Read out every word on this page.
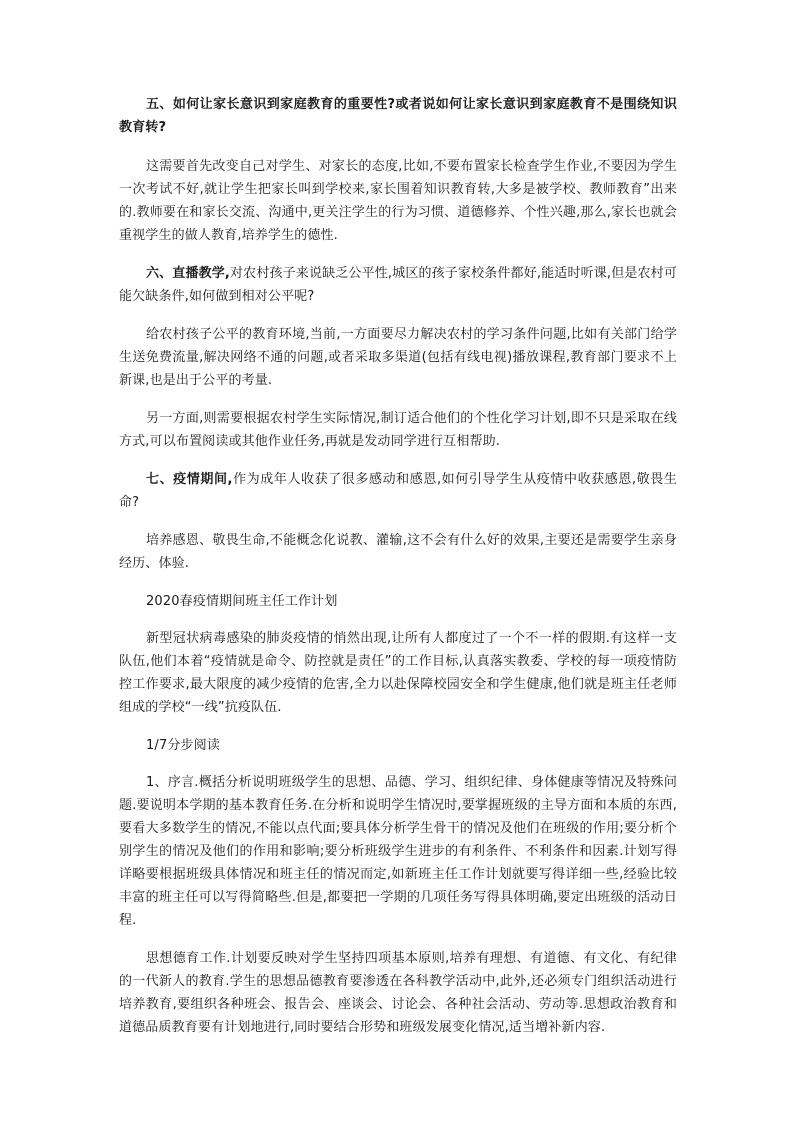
五、如何让家长意识到家庭教育的重要性?或者说如何让家长意识到家庭教育不是围绕知识教育转?

这需要首先改变自己对学生、对家长的态度,比如,不要布置家长检查学生作业,不要因为学生一次考试不好,就让学生把家长叫到学校来,家长围着知识教育转,大多是被学校、教师教育”出来的.教师要在和家长交流、沟通中,更关注学生的行为习惯、道德修养、个性兴趣,那么,家长也就会重视学生的做人教育,培养学生的德性.

六、直播教学,对农村孩子来说缺乏公平性,城区的孩子家校条件都好,能适时听课,但是农村可能欠缺条件,如何做到相对公平呢?

给农村孩子公平的教育环境,当前,一方面要尽力解决农村的学习条件问题,比如有关部门给学生送免费流量,解决网络不通的问题,或者采取多渠道(包括有线电视)播放课程,教育部门要求不上新课,也是出于公平的考量.

另一方面,则需要根据农村学生实际情况,制订适合他们的个性化学习计划,即不只是采取在线方式,可以布置阅读或其他作业任务,再就是发动同学进行互相帮助.

七、疫情期间,作为成年人收获了很多感动和感恩,如何引导学生从疫情中收获感恩,敬畏生命?

培养感恩、敬畏生命,不能概念化说教、灌输,这不会有什么好的效果,主要还是需要学生亲身经历、体验.

2020春疫情期间班主任工作计划

新型冠状病毒感染的肺炎疫情的悄然出现,让所有人都度过了一个不一样的假期.有这样一支队伍,他们本着“疫情就是命令、防控就是责任”的工作目标,认真落实教委、学校的每一项疫情防控工作要求,最大限度的减少疫情的危害,全力以赴保障校园安全和学生健康,他们就是班主任老师组成的学校“一线”抗疫队伍.

1/7分步阅读

1、序言.概括分析说明班级学生的思想、品德、学习、组织纪律、身体健康等情况及特殊问题.要说明本学期的基本教育任务.在分析和说明学生情况时,要掌握班级的主导方面和本质的东西,要看大多数学生的情况,不能以点代面;要具体分析学生骨干的情况及他们在班级的作用;要分析个别学生的情况及他们的作用和影响;要分析班级学生进步的有利条件、不利条件和因素.计划写得详略要根据班级具体情况和班主任的情况而定,如新班主任工作计划就要写得详细一些,经验比较丰富的班主任可以写得简略些.但是,都要把一学期的几项任务写得具体明确,要定出班级的活动日程.

思想德育工作.计划要反映对学生坚持四项基本原则,培养有理想、有道德、有文化、有纪律的一代新人的教育.学生的思想品德教育要渗透在各科教学活动中,此外,还必须专门组织活动进行培养教育,要组织各种班会、报告会、座谈会、讨论会、各种社会活动、劳动等.思想政治教育和道德品质教育要有计划地进行,同时要结合形势和班级发展变化情况,适当增补新内容.
